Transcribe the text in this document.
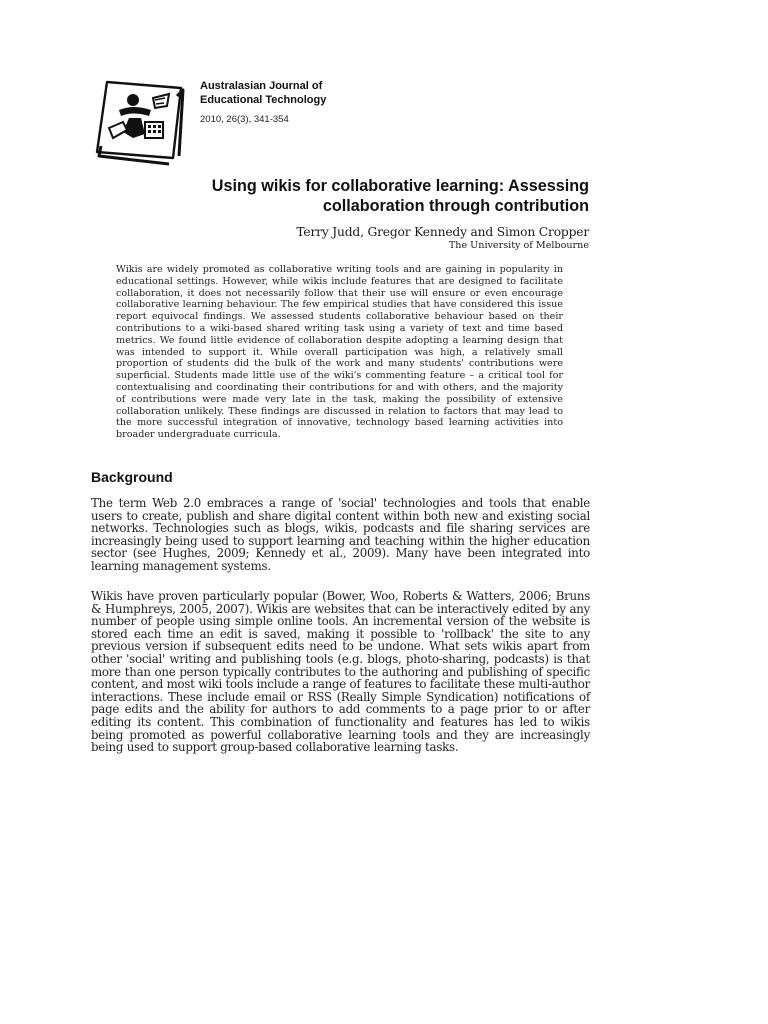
Australasian Journal of
Educational Technology
2010, 26(3), 341-354
Using wikis for collaborative learning: Assessing
collaboration through contribution
Terry Judd, Gregor Kennedy and Simon Cropper
The University of Melbourne
Wikis are widely promoted as collaborative writing tools and are gaining in popularity in educational settings. However, while wikis include features that are designed to facilitate collaboration, it does not necessarily follow that their use will ensure or even encourage collaborative learning behaviour. The few empirical studies that have considered this issue report equivocal findings. We assessed students collaborative behaviour based on their contributions to a wiki-based shared writing task using a variety of text and time based metrics. We found little evidence of collaboration despite adopting a learning design that was intended to support it. While overall participation was high, a relatively small proportion of students did the bulk of the work and many students' contributions were superficial. Students made little use of the wiki's commenting feature – a critical tool for contextualising and coordinating their contributions for and with others, and the majority of contributions were made very late in the task, making the possibility of extensive collaboration unlikely. These findings are discussed in relation to factors that may lead to the more successful integration of innovative, technology based learning activities into broader undergraduate curricula.
Background
The term Web 2.0 embraces a range of 'social' technologies and tools that enable users to create, publish and share digital content within both new and existing social networks. Technologies such as blogs, wikis, podcasts and file sharing services are increasingly being used to support learning and teaching within the higher education sector (see Hughes, 2009; Kennedy et al., 2009). Many have been integrated into learning management systems.
Wikis have proven particularly popular (Bower, Woo, Roberts & Watters, 2006; Bruns & Humphreys, 2005, 2007). Wikis are websites that can be interactively edited by any number of people using simple online tools. An incremental version of the website is stored each time an edit is saved, making it possible to 'rollback' the site to any previous version if subsequent edits need to be undone. What sets wikis apart from other 'social' writing and publishing tools (e.g. blogs, photo-sharing, podcasts) is that more than one person typically contributes to the authoring and publishing of specific content, and most wiki tools include a range of features to facilitate these multi-author interactions. These include email or RSS (Really Simple Syndication) notifications of page edits and the ability for authors to add comments to a page prior to or after editing its content. This combination of functionality and features has led to wikis being promoted as powerful collaborative learning tools and they are increasingly being used to support group-based collaborative learning tasks.
